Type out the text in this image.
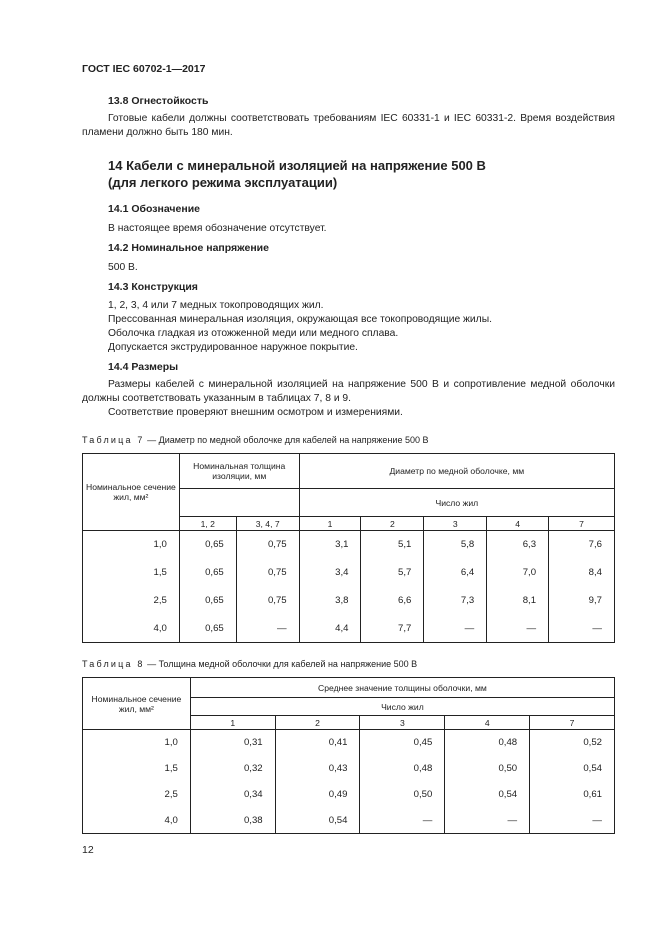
ГОСТ IEC 60702-1—2017
13.8 Огнестойкость
Готовые кабели должны соответствовать требованиям IEC 60331-1 и IEC 60331-2. Время воздействия пламени должно быть 180 мин.
14 Кабели с минеральной изоляцией на напряжение 500 В
(для легкого режима эксплуатации)
14.1 Обозначение
В настоящее время обозначение отсутствует.
14.2 Номинальное напряжение
500 В.
14.3 Конструкция
1, 2, 3, 4 или 7 медных токопроводящих жил.
Прессованная минеральная изоляция, окружающая все токопроводящие жилы.
Оболочка гладкая из отожженной меди или медного сплава.
Допускается экструдированное наружное покрытие.
14.4 Размеры
Размеры кабелей с минеральной изоляцией на напряжение 500 В и сопротивление медной оболочки должны соответствовать указанным в таблицах 7, 8 и 9.
Соответствие проверяют внешним осмотром и измерениями.
Таблица 7 — Диаметр по медной оболочке для кабелей на напряжение 500 В
Номинальное сечение жил, мм²	Номинальная толщина изоляции, мм		Диаметр по медной оболочке, мм				
			Число жил				
	1, 2	3, 4, 7	1	2	3	4	7
1,0	0,65	0,75	3,1	5,1	5,8	6,3	7,6
1,5	0,65	0,75	3,4	5,7	6,4	7,0	8,4
2,5	0,65	0,75	3,8	6,6	7,3	8,1	9,7
4,0	0,65	—	4,4	7,7	—	—	—
Таблица 8 — Толщина медной оболочки для кабелей на напряжение 500 В
Номинальное сечение жил, мм²	Среднее значение толщины оболочки, мм				
	Число жил				
	1	2	3	4	7
1,0	0,31	0,41	0,45	0,48	0,52
1,5	0,32	0,43	0,48	0,50	0,54
2,5	0,34	0,49	0,50	0,54	0,61
4,0	0,38	0,54	—	—	—
12
